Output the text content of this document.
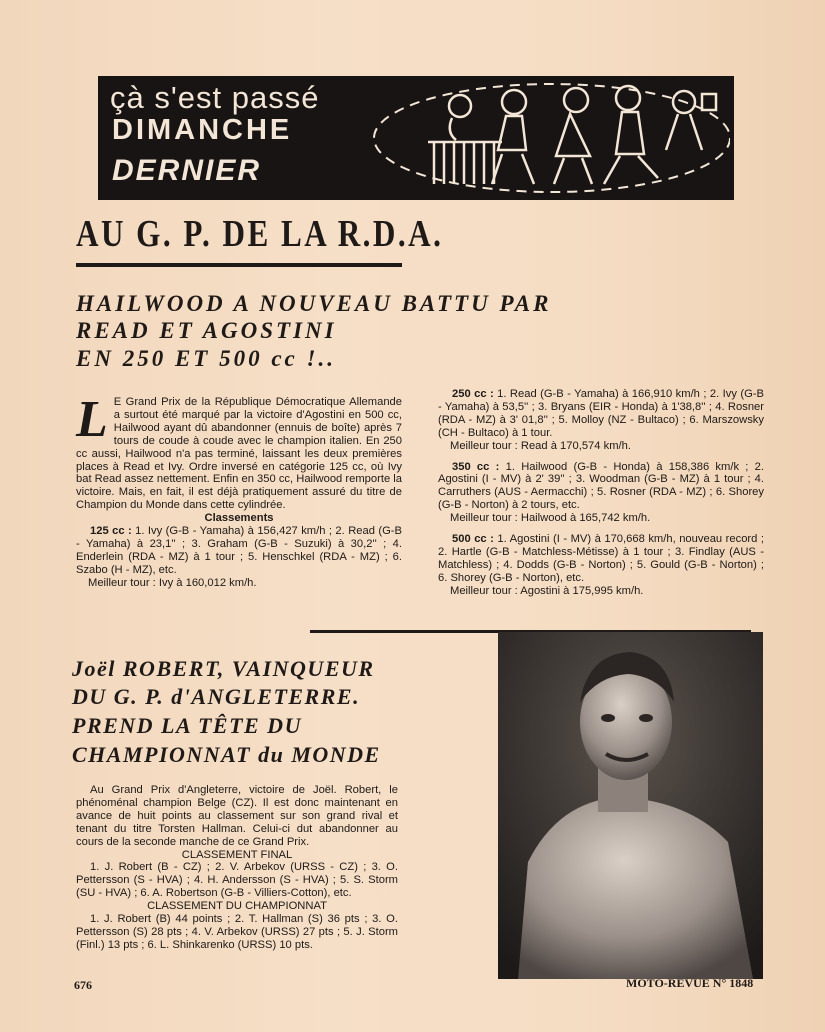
çà s'est passé
DIMANCHE
DERNIER
AU G. P. DE LA R.D.A.
HAILWOOD A NOUVEAU BATTU PAR
READ ET AGOSTINI
EN 250 ET 500 cc !..

L E Grand Prix de la République Démocratique Allemande a surtout été marqué par la victoire d'Agostini en 500 cc, Hailwood ayant dû abandonner (ennuis de boîte) après 7 tours de coude à coude avec le champion italien. En 250 cc aussi, Hailwood n'a pas terminé, laissant les deux premières places à Read et Ivy. Ordre inversé en catégorie 125 cc, où Ivy bat Read assez nettement. Enfin en 350 cc, Hailwood remporte la victoire. Mais, en fait, il est déjà pratiquement assuré du titre de Champion du Monde dans cette cylindrée.

Classements

125 cc : 1. Ivy (G-B - Yamaha) à 156,427 km/h ; 2. Read (G-B - Yamaha) à 23,1'' ; 3. Graham (G-B - Suzuki) à 30,2'' ; 4. Enderlein (RDA - MZ) à 1 tour ; 5. Henschkel (RDA - MZ) ; 6. Szabo (H - MZ), etc.

Meilleur tour : Ivy à 160,012 km/h.

250 cc : 1. Read (G-B - Yamaha) à 166,910 km/h ; 2. Ivy (G-B - Yamaha) à 53,5'' ; 3. Bryans (EIR - Honda) à 1'38,8'' ; 4. Rosner (RDA - MZ) à 3' 01,8'' ; 5. Molloy (NZ - Bultaco) ; 6. Marszowsky (CH - Bultaco) à 1 tour.

Meilleur tour : Read à 170,574 km/h.

350 cc : 1. Hailwood (G-B - Honda) à 158,386 km/k ; 2. Agostini (I - MV) à 2' 39'' ; 3. Woodman (G-B - MZ) à 1 tour ; 4. Carruthers (AUS - Aermacchi) ; 5. Rosner (RDA - MZ) ; 6. Shorey (G-B - Norton) à 2 tours, etc.

Meilleur tour : Hailwood à 165,742 km/h.

500 cc : 1. Agostini (I - MV) à 170,668 km/h, nouveau record ; 2. Hartle (G-B - Matchless-Métisse) à 1 tour ; 3. Findlay (AUS - Matchless) ; 4. Dodds (G-B - Norton) ; 5. Gould (G-B - Norton) ; 6. Shorey (G-B - Norton), etc.

Meilleur tour : Agostini à 175,995 km/h.

Joël ROBERT, VAINQUEUR
DU G. P. d'ANGLETERRE.
PREND LA TÊTE DU
CHAMPIONNAT du MONDE

Au Grand Prix d'Angleterre, victoire de Joël. Robert, le phénoménal champion Belge (CZ). Il est donc maintenant en avance de huit points au classement sur son grand rival et tenant du titre Torsten Hallman. Celui-ci dut abandonner au cours de la seconde manche de ce Grand Prix.

CLASSEMENT FINAL

1. J. Robert (B - CZ) ; 2. V. Arbekov (URSS - CZ) ; 3. O. Pettersson (S - HVA) ; 4. H. Andersson (S - HVA) ; 5. S. Storm (SU - HVA) ; 6. A. Robertson (G-B - Villiers-Cotton), etc.

CLASSEMENT DU CHAMPIONNAT

1. J. Robert (B) 44 points ; 2. T. Hallman (S) 36 pts ; 3. O. Pettersson (S) 28 pts ; 4. V. Arbekov (URSS) 27 pts ; 5. J. Storm (Finl.) 13 pts ; 6. L. Shinkarenko (URSS) 10 pts.

676	MOTO-REVUE N° 1848
